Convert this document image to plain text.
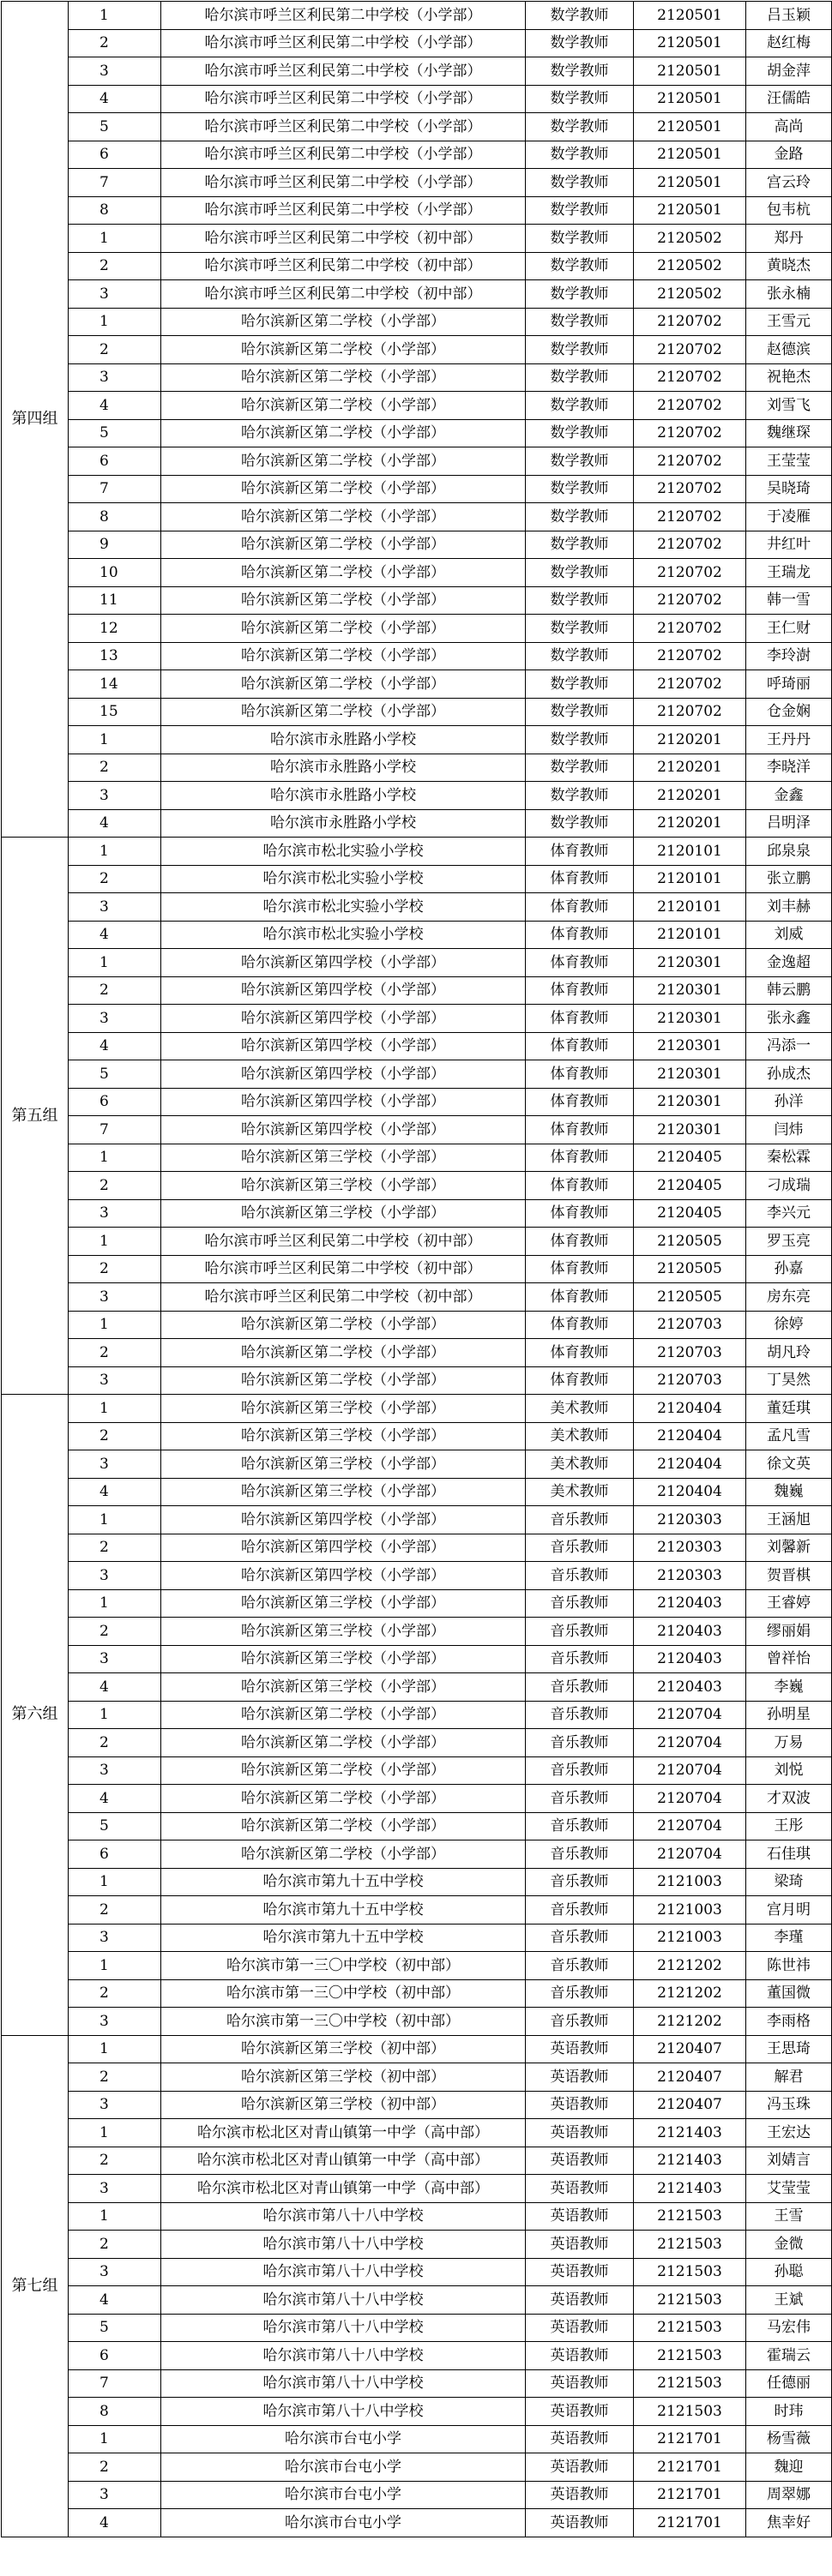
第四组	1	哈尔滨市呼兰区利民第二中学校（小学部）	数学教师	2120501	吕玉颖
	2	哈尔滨市呼兰区利民第二中学校（小学部）	数学教师	2120501	赵红梅
	3	哈尔滨市呼兰区利民第二中学校（小学部）	数学教师	2120501	胡金萍
	4	哈尔滨市呼兰区利民第二中学校（小学部）	数学教师	2120501	汪儒皓
	5	哈尔滨市呼兰区利民第二中学校（小学部）	数学教师	2120501	高尚
	6	哈尔滨市呼兰区利民第二中学校（小学部）	数学教师	2120501	金路
	7	哈尔滨市呼兰区利民第二中学校（小学部）	数学教师	2120501	宫云玲
	8	哈尔滨市呼兰区利民第二中学校（小学部）	数学教师	2120501	包韦杭
	1	哈尔滨市呼兰区利民第二中学校（初中部）	数学教师	2120502	郑丹
	2	哈尔滨市呼兰区利民第二中学校（初中部）	数学教师	2120502	黄晓杰
	3	哈尔滨市呼兰区利民第二中学校（初中部）	数学教师	2120502	张永楠
	1	哈尔滨新区第二学校（小学部）	数学教师	2120702	王雪元
	2	哈尔滨新区第二学校（小学部）	数学教师	2120702	赵德滨
	3	哈尔滨新区第二学校（小学部）	数学教师	2120702	祝艳杰
	4	哈尔滨新区第二学校（小学部）	数学教师	2120702	刘雪飞
	5	哈尔滨新区第二学校（小学部）	数学教师	2120702	魏继琛
	6	哈尔滨新区第二学校（小学部）	数学教师	2120702	王莹莹
	7	哈尔滨新区第二学校（小学部）	数学教师	2120702	吴晓琦
	8	哈尔滨新区第二学校（小学部）	数学教师	2120702	于凌雁
	9	哈尔滨新区第二学校（小学部）	数学教师	2120702	井红叶
	10	哈尔滨新区第二学校（小学部）	数学教师	2120702	王瑞龙
	11	哈尔滨新区第二学校（小学部）	数学教师	2120702	韩一雪
	12	哈尔滨新区第二学校（小学部）	数学教师	2120702	王仁财
	13	哈尔滨新区第二学校（小学部）	数学教师	2120702	李玲澍
	14	哈尔滨新区第二学校（小学部）	数学教师	2120702	呼琦丽
	15	哈尔滨新区第二学校（小学部）	数学教师	2120702	仓金娴
	1	哈尔滨市永胜路小学校	数学教师	2120201	王丹丹
	2	哈尔滨市永胜路小学校	数学教师	2120201	李晓洋
	3	哈尔滨市永胜路小学校	数学教师	2120201	金鑫
	4	哈尔滨市永胜路小学校	数学教师	2120201	吕明泽
第五组	1	哈尔滨市松北实验小学校	体育教师	2120101	邱泉泉
	2	哈尔滨市松北实验小学校	体育教师	2120101	张立鹏
	3	哈尔滨市松北实验小学校	体育教师	2120101	刘丰赫
	4	哈尔滨市松北实验小学校	体育教师	2120101	刘威
	1	哈尔滨新区第四学校（小学部）	体育教师	2120301	金逸超
	2	哈尔滨新区第四学校（小学部）	体育教师	2120301	韩云鹏
	3	哈尔滨新区第四学校（小学部）	体育教师	2120301	张永鑫
	4	哈尔滨新区第四学校（小学部）	体育教师	2120301	冯添一
	5	哈尔滨新区第四学校（小学部）	体育教师	2120301	孙成杰
	6	哈尔滨新区第四学校（小学部）	体育教师	2120301	孙洋
	7	哈尔滨新区第四学校（小学部）	体育教师	2120301	闫炜
	1	哈尔滨新区第三学校（小学部）	体育教师	2120405	秦松霖
	2	哈尔滨新区第三学校（小学部）	体育教师	2120405	刁成瑞
	3	哈尔滨新区第三学校（小学部）	体育教师	2120405	李兴元
	1	哈尔滨市呼兰区利民第二中学校（初中部）	体育教师	2120505	罗玉亮
	2	哈尔滨市呼兰区利民第二中学校（初中部）	体育教师	2120505	孙嘉
	3	哈尔滨市呼兰区利民第二中学校（初中部）	体育教师	2120505	房东亮
	1	哈尔滨新区第二学校（小学部）	体育教师	2120703	徐婷
	2	哈尔滨新区第二学校（小学部）	体育教师	2120703	胡凡玲
	3	哈尔滨新区第二学校（小学部）	体育教师	2120703	丁昊然
第六组	1	哈尔滨新区第三学校（小学部）	美术教师	2120404	董廷琪
	2	哈尔滨新区第三学校（小学部）	美术教师	2120404	孟凡雪
	3	哈尔滨新区第三学校（小学部）	美术教师	2120404	徐文英
	4	哈尔滨新区第三学校（小学部）	美术教师	2120404	魏巍
	1	哈尔滨新区第四学校（小学部）	音乐教师	2120303	王涵旭
	2	哈尔滨新区第四学校（小学部）	音乐教师	2120303	刘馨新
	3	哈尔滨新区第四学校（小学部）	音乐教师	2120303	贺晋棋
	1	哈尔滨新区第三学校（小学部）	音乐教师	2120403	王睿婷
	2	哈尔滨新区第三学校（小学部）	音乐教师	2120403	缪丽娟
	3	哈尔滨新区第三学校（小学部）	音乐教师	2120403	曾祥怡
	4	哈尔滨新区第三学校（小学部）	音乐教师	2120403	李巍
	1	哈尔滨新区第二学校（小学部）	音乐教师	2120704	孙明星
	2	哈尔滨新区第二学校（小学部）	音乐教师	2120704	万易
	3	哈尔滨新区第二学校（小学部）	音乐教师	2120704	刘悦
	4	哈尔滨新区第二学校（小学部）	音乐教师	2120704	才双波
	5	哈尔滨新区第二学校（小学部）	音乐教师	2120704	王彤
	6	哈尔滨新区第二学校（小学部）	音乐教师	2120704	石佳琪
	1	哈尔滨市第九十五中学校	音乐教师	2121003	梁琦
	2	哈尔滨市第九十五中学校	音乐教师	2121003	宫月明
	3	哈尔滨市第九十五中学校	音乐教师	2121003	李瑾
	1	哈尔滨市第一三〇中学校（初中部）	音乐教师	2121202	陈世祎
	2	哈尔滨市第一三〇中学校（初中部）	音乐教师	2121202	董国微
	3	哈尔滨市第一三〇中学校（初中部）	音乐教师	2121202	李雨格
第七组	1	哈尔滨新区第三学校（初中部）	英语教师	2120407	王思琦
	2	哈尔滨新区第三学校（初中部）	英语教师	2120407	解君
	3	哈尔滨新区第三学校（初中部）	英语教师	2120407	冯玉珠
	1	哈尔滨市松北区对青山镇第一中学（高中部）	英语教师	2121403	王宏达
	2	哈尔滨市松北区对青山镇第一中学（高中部）	英语教师	2121403	刘婧言
	3	哈尔滨市松北区对青山镇第一中学（高中部）	英语教师	2121403	艾莹莹
	1	哈尔滨市第八十八中学校	英语教师	2121503	王雪
	2	哈尔滨市第八十八中学校	英语教师	2121503	金微
	3	哈尔滨市第八十八中学校	英语教师	2121503	孙聪
	4	哈尔滨市第八十八中学校	英语教师	2121503	王斌
	5	哈尔滨市第八十八中学校	英语教师	2121503	马宏伟
	6	哈尔滨市第八十八中学校	英语教师	2121503	霍瑞云
	7	哈尔滨市第八十八中学校	英语教师	2121503	任德丽
	8	哈尔滨市第八十八中学校	英语教师	2121503	时玮
	1	哈尔滨市台屯小学	英语教师	2121701	杨雪薇
	2	哈尔滨市台屯小学	英语教师	2121701	魏迎
	3	哈尔滨市台屯小学	英语教师	2121701	周翠娜
	4	哈尔滨市台屯小学	英语教师	2121701	焦幸好
